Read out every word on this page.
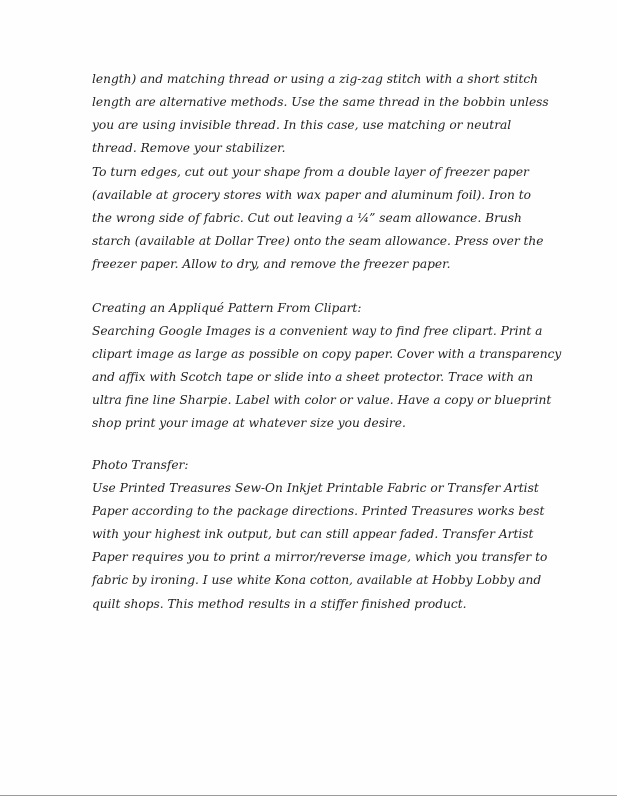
length) and matching thread or using a zig-zag stitch with a short stitch
length are alternative methods. Use the same thread in the bobbin unless
you are using invisible thread. In this case, use matching or neutral
thread. Remove your stabilizer.
To turn edges, cut out your shape from a double layer of freezer paper
(available at grocery stores with wax paper and aluminum foil). Iron to
the wrong side of fabric. Cut out leaving a ¼” seam allowance. Brush
starch (available at Dollar Tree) onto the seam allowance. Press over the
freezer paper. Allow to dry, and remove the freezer paper.
Creating an Appliqué Pattern From Clipart:
Searching Google Images is a convenient way to find free clipart. Print a
clipart image as large as possible on copy paper. Cover with a transparency
and affix with Scotch tape or slide into a sheet protector. Trace with an
ultra fine line Sharpie. Label with color or value. Have a copy or blueprint
shop print your image at whatever size you desire.
Photo Transfer:
Use Printed Treasures Sew-On Inkjet Printable Fabric or Transfer Artist
Paper according to the package directions. Printed Treasures works best
with your highest ink output, but can still appear faded. Transfer Artist
Paper requires you to print a mirror/reverse image, which you transfer to
fabric by ironing. I use white Kona cotton, available at Hobby Lobby and
quilt shops. This method results in a stiffer finished product.
